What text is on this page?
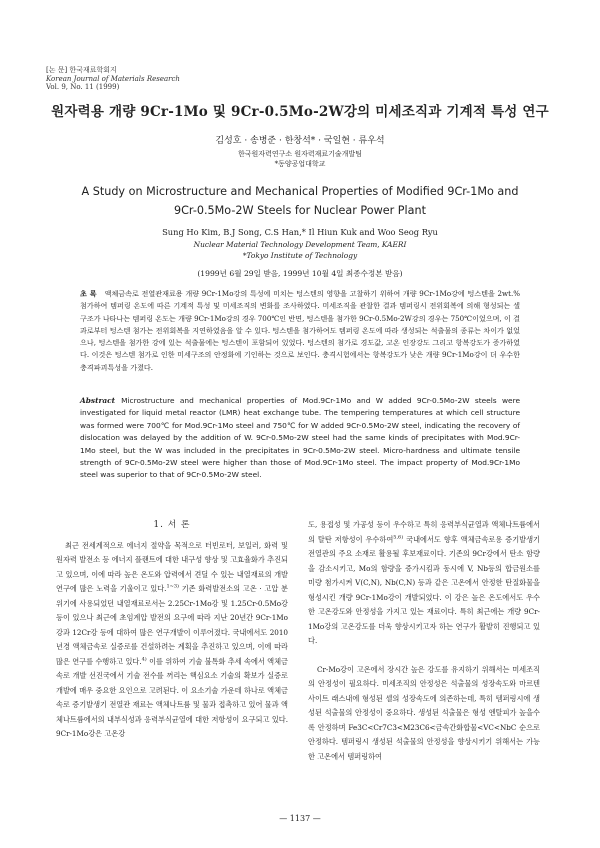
[논 문] 한국재료학회지
Korean Journal of Materials Research
Vol. 9, No. 11 (1999)
원자력용 개량 9Cr-1Mo 및 9Cr-0.5Mo-2W강의 미세조직과 기계적 특성 연구
김성호 · 송병준 · 한창석* · 국일현 · 류우석
한국원자력연구소 원자력재료기술개발팀
*동양공업대학교
A Study on Microstructure and Mechanical Properties of Modified 9Cr-1Mo and
9Cr-0.5Mo-2W Steels for Nuclear Power Plant
Sung Ho Kim, B.J Song, C.S Han,* Il Hiun Kuk and Woo Seog Ryu
Nuclear Material Technology Development Team, KAERI
*Tokyo Institute of Technology
(1999년 6월 29일 받음, 1999년 10월 4일 최종수정본 받음)
초 록 액체금속로 전열관재료용 개량 9Cr-1Mo강의 특성에 미치는 텅스텐의 영향을 고찰하기 위하여 개량 9Cr-1Mo강에 텅스텐을 2wt.% 첨가하여 템퍼링 온도에 따른 기계적 특성 및 미세조직의 변화를 조사하였다. 미세조직을 관찰한 결과 템퍼링시 전위회복에 의해 형성되는 셀 구조가 나타나는 템퍼링 온도는 개량 9Cr-1Mo강의 경우 700℃인 반면, 텅스텐을 첨가한 9Cr-0.5Mo-2W강의 경우는 750℃이었으며, 이 결과로부터 텅스텐 첨가는 전위회복을 지연하였음을 알 수 있다. 텅스텐을 첨가하여도 템퍼링 온도에 따라 생성되는 석출물의 종류는 차이가 없었으나, 텅스텐을 첨가한 강에 있는 석출물에는 텅스텐이 포함되어 있었다. 텅스텐의 첨가로 경도값, 고온 인장강도 그리고 항복강도가 증가하였다. 이것은 텅스텐 첨가로 인한 미세구조의 안정화에 기인하는 것으로 보인다. 충격시험에서는 항복강도가 낮은 개량 9Cr-1Mo강이 더 우수한 충격파괴특성을 가졌다.
Abstract Microstructure and mechanical properties of Mod.9Cr-1Mo and W added 9Cr-0.5Mo-2W steels were investigated for liquid metal reactor (LMR) heat exchange tube. The tempering temperatures at which cell structure was formed were 700℃ for Mod.9Cr-1Mo steel and 750℃ for W added 9Cr-0.5Mo-2W steel, indicating the recovery of dislocation was delayed by the addition of W. 9Cr-0.5Mo-2W steel had the same kinds of precipitates with Mod.9Cr-1Mo steel, but the W was included in the precipitates in 9Cr-0.5Mo-2W steel. Micro-hardness and ultimate tensile strength of 9Cr-0.5Mo-2W steel were higher than those of Mod.9Cr-1Mo steel. The impact property of Mod.9Cr-1Mo steel was superior to that of 9Cr-0.5Mo-2W steel.
1. 서 론

최근 전세계적으로 에너지 절약을 목적으로 터빈로터, 보일러, 화력 및 원자력 발전소 등 에너지 플랜트에 대한 내구성 향상 및 고효율화가 추진되고 있으며, 이에 따라 높은 온도와 압력에서 견딜 수 있는 내열재료의 개발 연구에 많은 노력을 기울이고 있다.$^{1\sim 3)}$ 기존 화력발전소의 고온 · 고압 분위기에 사용되었던 내열재료로서는 2.25Cr-1Mo강 및 1.25Cr-0.5Mo강 등이 있으나 최근에 초임계압 발전의 요구에 따라 지난 20년간 9Cr-1Mo강과 12Cr강 등에 대하여 많은 연구개발이 이루어졌다. 국내에서도 2010년경 액체금속로 실증로를 건설하려는 계획을 추진하고 있으며, 이에 따라 많은 연구를 수행하고 있다.$^{4)}$ 이를 위하여 기술 불톡화 추세 속에서 액체금속로 개발 선진국에서 기술 전수를 꺼리는 핵심요소 기술의 확보가 실증로 개발에 매우 중요한 요인으로 고려된다. 이 요소기술 가운데 하나로 액체금속로 증기발생기 전열관 재료는 액체나트륨 및 물과 접촉하고 있어 물과 액체나트륨에서의 내부식성과 응력부식균열에 대한 저항성이 요구되고 있다. 9Cr-1Mo강은 고온강

도, 용접성 및 가공성 등이 우수하고 특히 응력부식균열과 액체나트륨에서의 탈탄 저항성이 우수하여$^{5,6)}$ 국내에서도 향후 액체금속로용 증기발생기 전열관의 주요 소재로 활용될 후보재료이다. 기존의 9Cr강에서 탄소 함량을 감소시키고, Mo의 함량을 증가시킴과 동시에 V, Nb등의 합금원소를 미량 첨가시켜 V(C,N), Nb(C,N) 등과 같은 고온에서 안정한 탄질화물을 형성시킨 개량 9Cr-1Mo강이 개발되었다. 이 강은 높은 온도에서도 우수한 고온강도와 안정성을 가지고 있는 재료이다. 특히 최근에는 개량 9Cr-1Mo강의 고온강도를 더욱 향상시키고자 하는 연구가 활발히 진행되고 있다.

Cr-Mo강이 고온에서 장시간 높은 강도를 유지하기 위해서는 미세조직의 안정성이 필요하다. 미세조직의 안정성은 석출물의 성장속도와 마르텐사이트 래스내에 형성된 셀의 성장속도에 의존하는데, 특히 템퍼링시에 생성된 석출물의 안정성이 중요하다. 생성된 석출물은 형성 엔탈피가 높을수록 안정하며 Fe3C<Cr7C3<M23C6<금속간화합물<VC<NbC 순으로 안정하다. 템퍼링시 생성된 석출물의 안정성을 향상시키기 위해서는 가능한 고온에서 템퍼링하여

— 1137 —
